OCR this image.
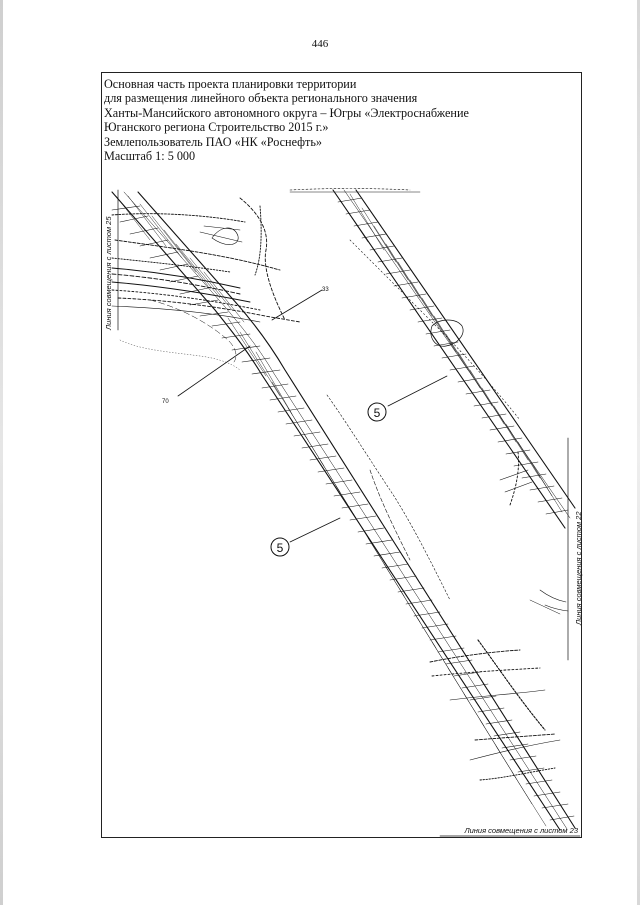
446
Основная часть проекта планировки территории
для размещения линейного объекта регионального значения
Ханты-Мансийского автономного округа – Югры «Электроснабжение
Юганского региона Строительство 2015 г.»
Землепользователь ПАО «НК «Роснефть»
Масштаб 1: 5 000
33
70
5
5
Линия совмещения с листом 25
Линия совмещения с листом 22
Линия совмещения с листом 23
